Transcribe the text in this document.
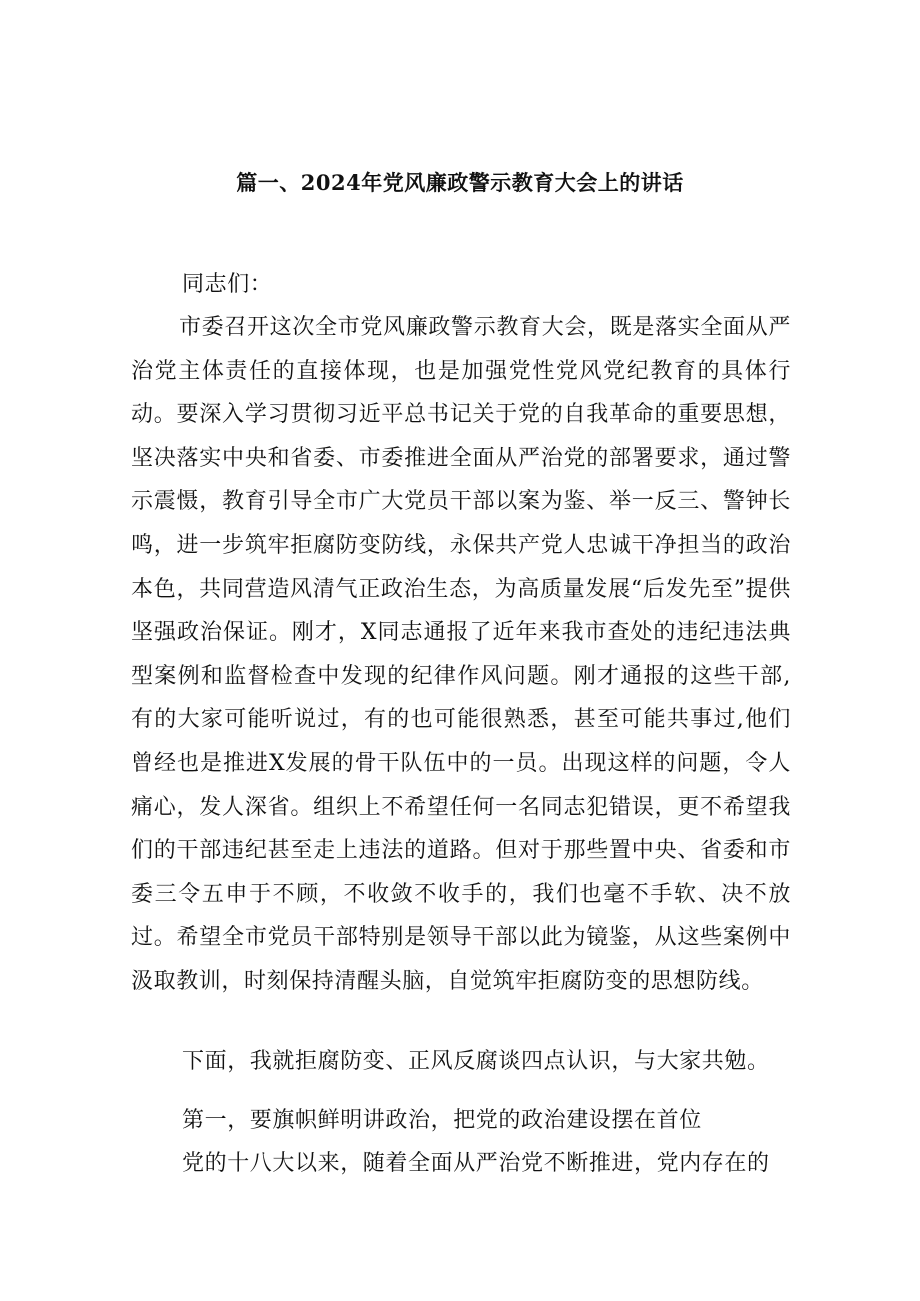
篇一、2024年党风廉政警示教育大会上的讲话
同志们：
市委召开这次全市党风廉政警示教育大会，既是落实全面从严治党主体责任的直接体现，也是加强党性党风党纪教育的具体行动。要深入学习贯彻习近平总书记关于党的自我革命的重要思想，坚决落实中央和省委、市委推进全面从严治党的部署要求，通过警示震慑，教育引导全市广大党员干部以案为鉴、举一反三、警钟长鸣，进一步筑牢拒腐防变防线，永保共产党人忠诚干净担当的政治本色，共同营造风清气正政治生态，为高质量发展“后发先至”提供坚强政治保证。刚才，X同志通报了近年来我市查处的违纪违法典型案例和监督检查中发现的纪律作风问题。刚才通报的这些干部,有的大家可能听说过，有的也可能很熟悉，甚至可能共事过,他们曾经也是推进X发展的骨干队伍中的一员。出现这样的问题，令人痛心，发人深省。组织上不希望任何一名同志犯错误，更不希望我们的干部违纪甚至走上违法的道路。但对于那些置中央、省委和市委三令五申于不顾，不收敛不收手的，我们也毫不手软、决不放过。希望全市党员干部特别是领导干部以此为镜鉴，从这些案例中汲取教训，时刻保持清醒头脑，自觉筑牢拒腐防变的思想防线。
下面，我就拒腐防变、正风反腐谈四点认识，与大家共勉。
第一，要旗帜鲜明讲政治，把党的政治建设摆在首位
党的十八大以来，随着全面从严治党不断推进，党内存在的
